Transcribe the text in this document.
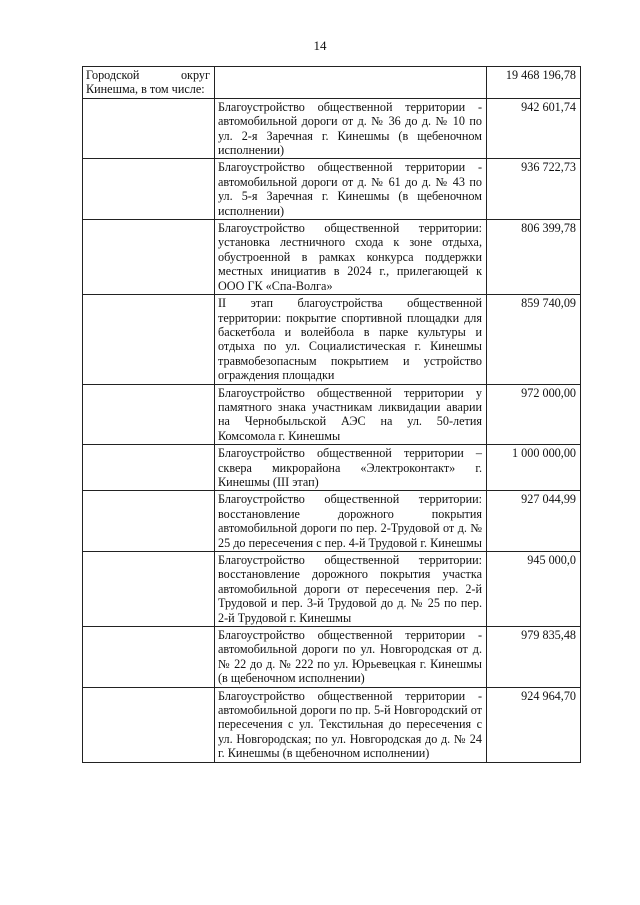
14
Городской округ Кинешма, в том числе:		19 468 196,78
	Благоустройство общественной территории - автомобильной дороги от д. № 36 до д. № 10 по ул. 2-я Заречная г. Кинешмы (в щебеночном исполнении)	942 601,74
	Благоустройство общественной территории - автомобильной дороги от д. № 61 до д. № 43 по ул. 5-я Заречная г. Кинешмы (в щебеночном исполнении)	936 722,73
	Благоустройство общественной территории: установка лестничного схода к зоне отдыха, обустроенной в рамках конкурса поддержки местных инициатив в 2024 г., прилегающей к ООО ГК «Спа-Волга»	806 399,78
	II этап благоустройства общественной территории: покрытие спортивной площадки для баскетбола и волейбола в парке культуры и отдыха по ул. Социалистическая г. Кинешмы травмобезопасным покрытием и устройство ограждения площадки	859 740,09
	Благоустройство общественной территории у памятного знака участникам ликвидации аварии на Чернобыльской АЭС на ул. 50-летия Комсомола г. Кинешмы	972 000,00
	Благоустройство общественной территории – сквера микрорайона «Электроконтакт» г. Кинешмы (III этап)	1 000 000,00
	Благоустройство общественной территории: восстановление дорожного покрытия автомобильной дороги по пер. 2-Трудовой от д. № 25 до пересечения с пер. 4-й Трудовой г. Кинешмы	927 044,99
	Благоустройство общественной территории: восстановление дорожного покрытия участка автомобильной дороги от пересечения пер. 2-й Трудовой и пер. 3-й Трудовой до д. № 25 по пер. 2-й Трудовой г. Кинешмы	945 000,0
	Благоустройство общественной территории - автомобильной дороги по ул. Новгородская от д. № 22 до д. № 222 по ул. Юрьевецкая г. Кинешмы (в щебеночном исполнении)	979 835,48
	Благоустройство общественной территории - автомобильной дороги по пр. 5-й Новгородский от пересечения с ул. Текстильная до пересечения с ул. Новгородская; по ул. Новгородская до д. № 24 г. Кинешмы (в щебеночном исполнении)	924 964,70
